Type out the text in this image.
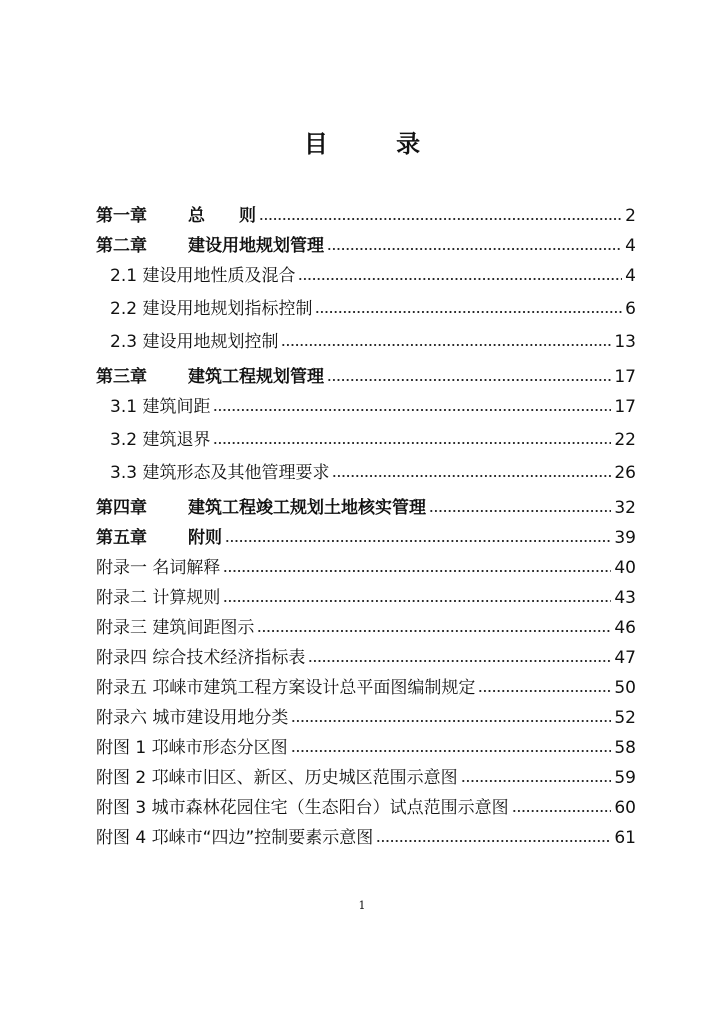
目 录
第一章 总　　则	2
第二章 建设用地规划管理	4
2.1 建设用地性质及混合	4
2.2 建设用地规划指标控制	6
2.3 建设用地规划控制	13
第三章 建筑工程规划管理	17
3.1 建筑间距	17
3.2 建筑退界	22
3.3 建筑形态及其他管理要求	26
第四章 建筑工程竣工规划土地核实管理	32
第五章 附则	39
附录一 名词解释	40
附录二 计算规则	43
附录三 建筑间距图示	46
附录四 综合技术经济指标表	47
附录五 邛崃市建筑工程方案设计总平面图编制规定	50
附录六 城市建设用地分类	52
附图 1 邛崃市形态分区图	58
附图 2 邛崃市旧区、新区、历史城区范围示意图	59
附图 3 城市森林花园住宅（生态阳台）试点范围示意图	60
附图 4 邛崃市“四边”控制要素示意图	61
1
